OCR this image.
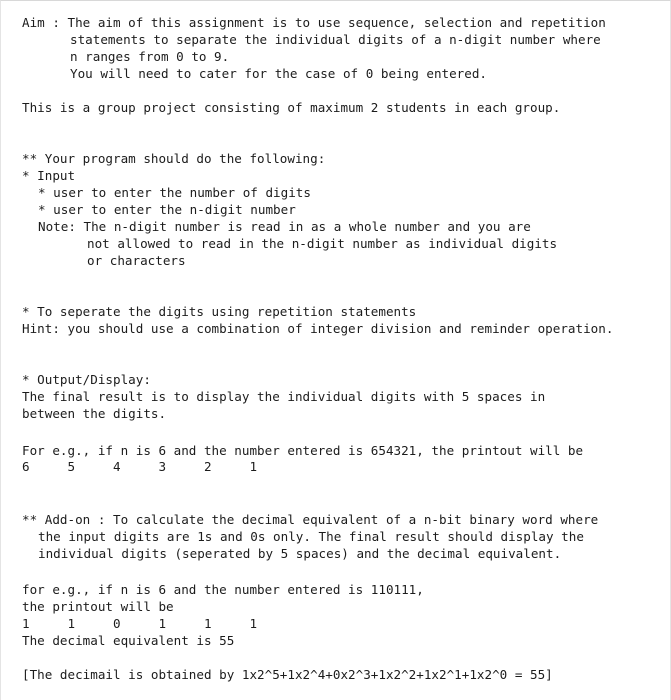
Aim : The aim of this assignment is to use sequence, selection and repetition
statements to separate the individual digits of a n-digit number where
n ranges from 0 to 9.
You will need to cater for the case of 0 being entered.
This is a group project consisting of maximum 2 students in each group.
** Your program should do the following:
* Input
* user to enter the number of digits
* user to enter the n-digit number
Note: The n-digit number is read in as a whole number and you are
not allowed to read in the n-digit number as individual digits
or characters
* To seperate the digits using repetition statements
Hint: you should use a combination of integer division and reminder operation.
* Output/Display:
The final result is to display the individual digits with 5 spaces in
between the digits.
For e.g., if n is 6 and the number entered is 654321, the printout will be
6     5     4     3     2     1
** Add-on : To calculate the decimal equivalent of a n-bit binary word where
the input digits are 1s and 0s only. The final result should display the
individual digits (seperated by 5 spaces) and the decimal equivalent.
for e.g., if n is 6 and the number entered is 110111,
the printout will be
1     1     0     1     1     1
The decimal equivalent is 55
[The decimail is obtained by 1x2^5+1x2^4+0x2^3+1x2^2+1x2^1+1x2^0 = 55]
